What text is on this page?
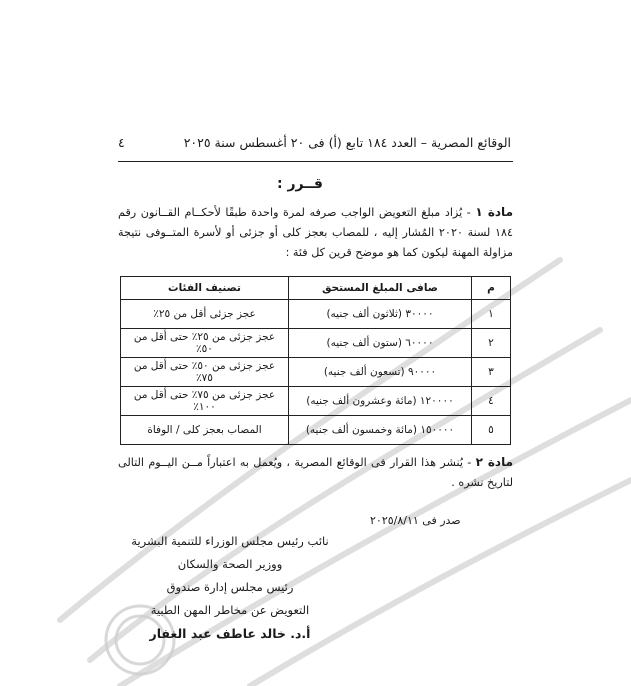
الوقائع المصرية – العدد ١٨٤ تابع (أ) فى ٢٠ أغسطس سنة ٢٠٢٥
٤
قــرر :
مادة ١ - يُزاد مبلغ التعويض الواجب صرفه لمرة واحدة طبقًا لأحكــام القــانون رقم ١٨٤ لسنة ٢٠٢٠ المُشار إليه ، للمصاب بعجز كلى أو جزئى أو لأسرة المتــوفى نتيجة مزاولة المهنة ليكون كما هو موضح قرين كل فئة :
م	صافى المبلغ المستحق	تصنيف الفئات
١	٣٠٠٠٠ (ثلاثون ألف جنيه)	عجز جزئى أقل من ٢٥٪
٢	٦٠٠٠٠ (ستون ألف جنيه)	عجز جزئى من ٢٥٪ حتى أقل من ٥٠٪
٣	٩٠٠٠٠ (تسعون ألف جنيه)	عجز جزئى من ٥٠٪ حتى أقل من ٧٥٪
٤	١٢٠٠٠٠ (مائة وعشرون ألف جنيه)	عجز جزئى من ٧٥٪ حتى أقل من ١٠٠٪
٥	١٥٠٠٠٠ (مائة وخمسون ألف جنيه)	المصاب بعجز كلى / الوفاة
مادة ٢ - يُنشر هذا القرار فى الوقائع المصرية ، ويُعمل به اعتباراً مــن اليــوم التالى لتاريخ نشره .
صدر فى ٢٠٢٥/٨/١١
نائب رئيس مجلس الوزراء للتنمية البشرية
ووزير الصحة والسكان
رئيس مجلس إدارة صندوق
التعويض عن مخاطر المهن الطبية
أ.د. خالد عاطف عبد الغفار
